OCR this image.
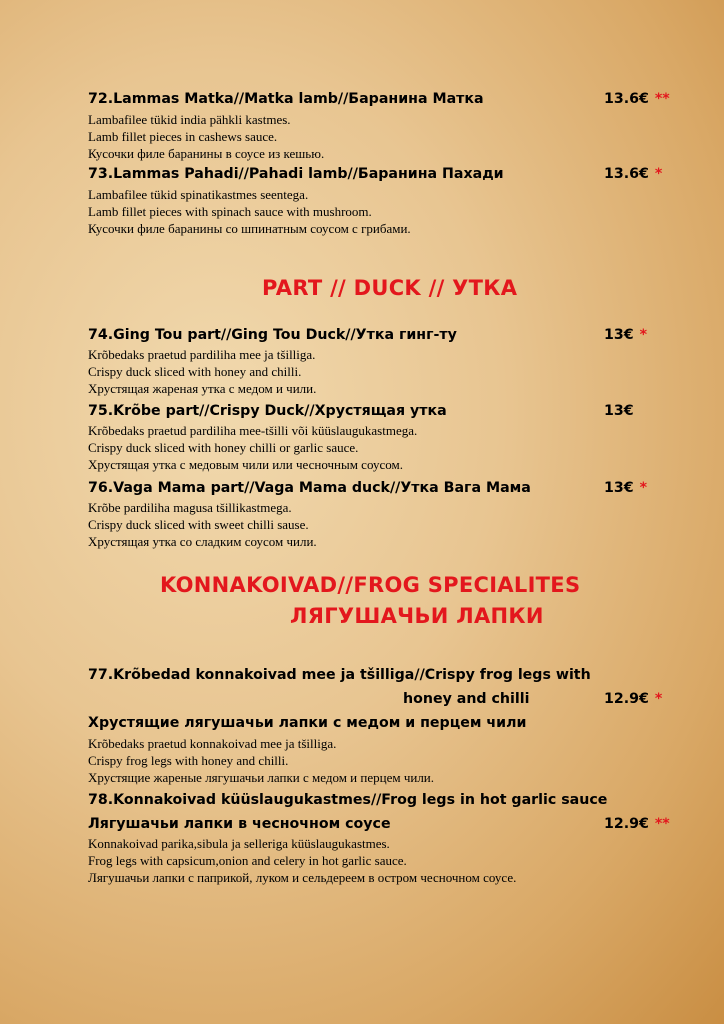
72.Lammas Matka//Matka lamb//Баранина Матка	13.6€ **
Lambafilee tükid india pähkli kastmes.
Lamb fillet pieces in cashews sauce.
Кусочки филе баранины в соусе из кешью.
73.Lammas Pahadi//Pahadi lamb//Баранина Пахади	13.6€ *
Lambafilee tükid spinatikastmes seentega.
Lamb fillet pieces with spinach sauce with mushroom.
Кусочки филе баранины со шпинатным соусом с грибами.
PART // DUCK // УТКА
74.Ging Tou part//Ging Tou Duck//Утка гинг-ту	13€ *
Krõbedaks praetud pardiliha mee ja tšilliga.
Crispy duck sliced with honey and chilli.
Хрустящая жареная утка с медом и чили.
75.Krõbe part//Crispy Duck//Хрустящая утка	13€
Krõbedaks praetud pardiliha mee-tšilli või küüslaugukastmega.
Crispy duck sliced with honey chilli or garlic sauce.
Хрустящая утка с медовым чили или чесночным соусом.
76.Vaga Mama part//Vaga Mama duck//Утка Вага Мама	13€ *
Krõbe pardiliha magusa tšillikastmega.
Crispy duck sliced with sweet chilli sause.
Хрустящая утка со сладким соусом чили.
KONNAKOIVAD//FROG SPECIALITES
ЛЯГУШАЧЬИ ЛАПКИ
77.Krõbedad konnakoivad mee ja tšilliga//Crispy frog legs with
honey and chilli	12.9€ *
Хрустящие лягушачьи лапки с медом и перцем чили
Krõbedaks praetud konnakoivad mee ja tšilliga.
Crispy frog legs with honey and chilli.
Хрустящие жареные лягушачьи лапки с медом и перцем чили.
78.Konnakoivad küüslaugukastmes//Frog legs in hot garlic sauce
Лягушачьи лапки в чесночном соусе	12.9€ **
Konnakoivad parika,sibula ja selleriga küüslaugukastmes.
Frog legs with capsicum,onion and celery in hot garlic sauce.
Лягушачьи лапки с паприкой, луком и сельдереем в остром чесночном соусе.
